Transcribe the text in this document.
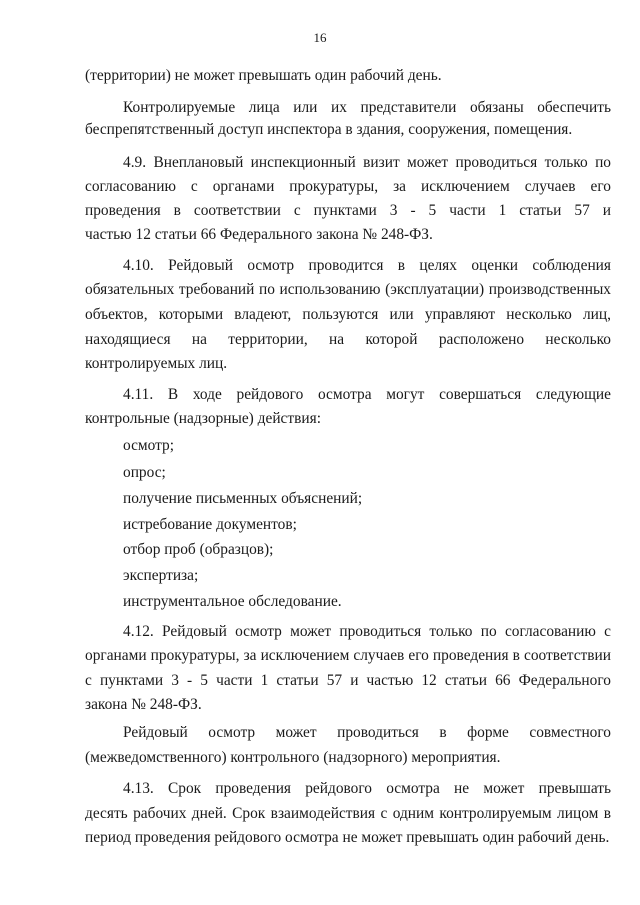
16
(территории) не может превышать один рабочий день.
Контролируемые лица или их представители обязаны обеспечить
беспрепятственный доступ инспектора в здания, сооружения, помещения.
4.9. Внеплановый инспекционный визит может проводиться только по
согласованию с органами прокуратуры, за исключением случаев его
проведения в соответствии с пунктами 3 - 5 части 1 статьи 57 и
частью 12 статьи 66 Федерального закона № 248-ФЗ.
4.10. Рейдовый осмотр проводится в целях оценки соблюдения
обязательных требований по использованию (эксплуатации) производственных
объектов, которыми владеют, пользуются или управляют несколько лиц,
находящиеся на территории, на которой расположено несколько
контролируемых лиц.
4.11. В ходе рейдового осмотра могут совершаться следующие
контрольные (надзорные) действия:
осмотр;
опрос;
получение письменных объяснений;
истребование документов;
отбор проб (образцов);
экспертиза;
инструментальное обследование.
4.12. Рейдовый осмотр может проводиться только по согласованию с
органами прокуратуры, за исключением случаев его проведения в соответствии
с пунктами 3 - 5 части 1 статьи 57 и частью 12 статьи 66 Федерального
закона № 248-ФЗ.
Рейдовый осмотр может проводиться в форме совместного
(межведомственного) контрольного (надзорного) мероприятия.
4.13. Срок проведения рейдового осмотра не может превышать
десять рабочих дней. Срок взаимодействия с одним контролируемым лицом в
период проведения рейдового осмотра не может превышать один рабочий день.
